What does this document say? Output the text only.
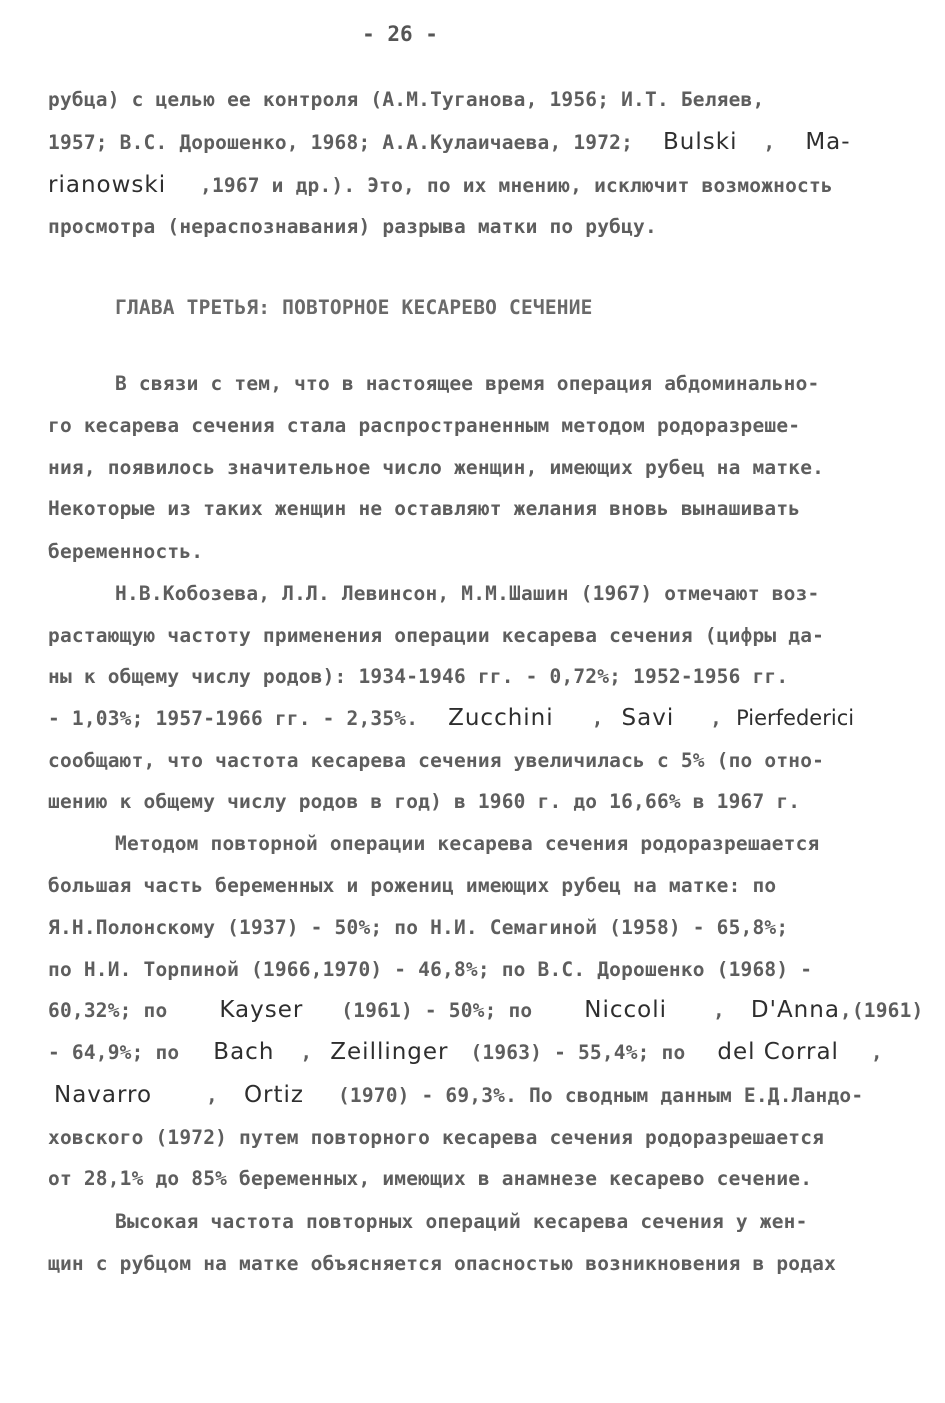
- 26 -
рубца) с целью ее контроля (А.М.Туганова, 1956; И.Т. Беляев,
1957; В.С. Дорошенко, 1968; А.А.Кулаичаева, 1972; Bulski , Ma-
rianowski ,1967 и др.). Это, по их мнению, исключит возможность
просмотра (нераспознавания) разрыва матки по рубцу.
ГЛАВА ТРЕТЬЯ: ПОВТОРНОЕ КЕСАРЕВО СЕЧЕНИЕ
В связи с тем, что в настоящее время операция абдоминально-
го кесарева сечения стала распространенным методом родоразреше-
ния, появилось значительное число женщин, имеющих рубец на матке.
Некоторые из таких женщин не оставляют желания вновь вынашивать
беременность.
Н.В.Кобозева, Л.Л. Левинсон, М.М.Шашин (1967) отмечают воз-
растающую частоту применения операции кесарева сечения (цифры да-
ны к общему числу родов): 1934-1946 гг. - 0,72%; 1952-1956 гг.
- 1,03%; 1957-1966 гг. - 2,35%. Zucchini , Savi , Pierfederici
сообщают, что частота кесарева сечения увеличилась с 5% (по отно-
шению к общему числу родов в год) в 1960 г. до 16,66% в 1967 г.
Методом повторной операции кесарева сечения родоразрешается
большая часть беременных и рожениц имеющих рубец на матке: по
Я.Н.Полонскому (1937) - 50%; по Н.И. Семагиной (1958) - 65,8%;
по Н.И. Торпиной (1966,1970) - 46,8%; по В.С. Дорошенко (1968) -
60,32%; по Kayser (1961) - 50%; по Niccoli , D'Anna,(1961)
- 64,9%; по Bach , Zeillinger (1963) - 55,4%; по del Corral ,
Navarro	, Ortiz (1970) - 69,3%. По сводным данным Е.Д.Ландо-
ховского (1972) путем повторного кесарева сечения родоразрешается
от 28,1% до 85% беременных, имеющих в анамнезе кесарево сечение.
Высокая частота повторных операций кесарева сечения у жен-
щин с рубцом на матке объясняется опасностью возникновения в родах
